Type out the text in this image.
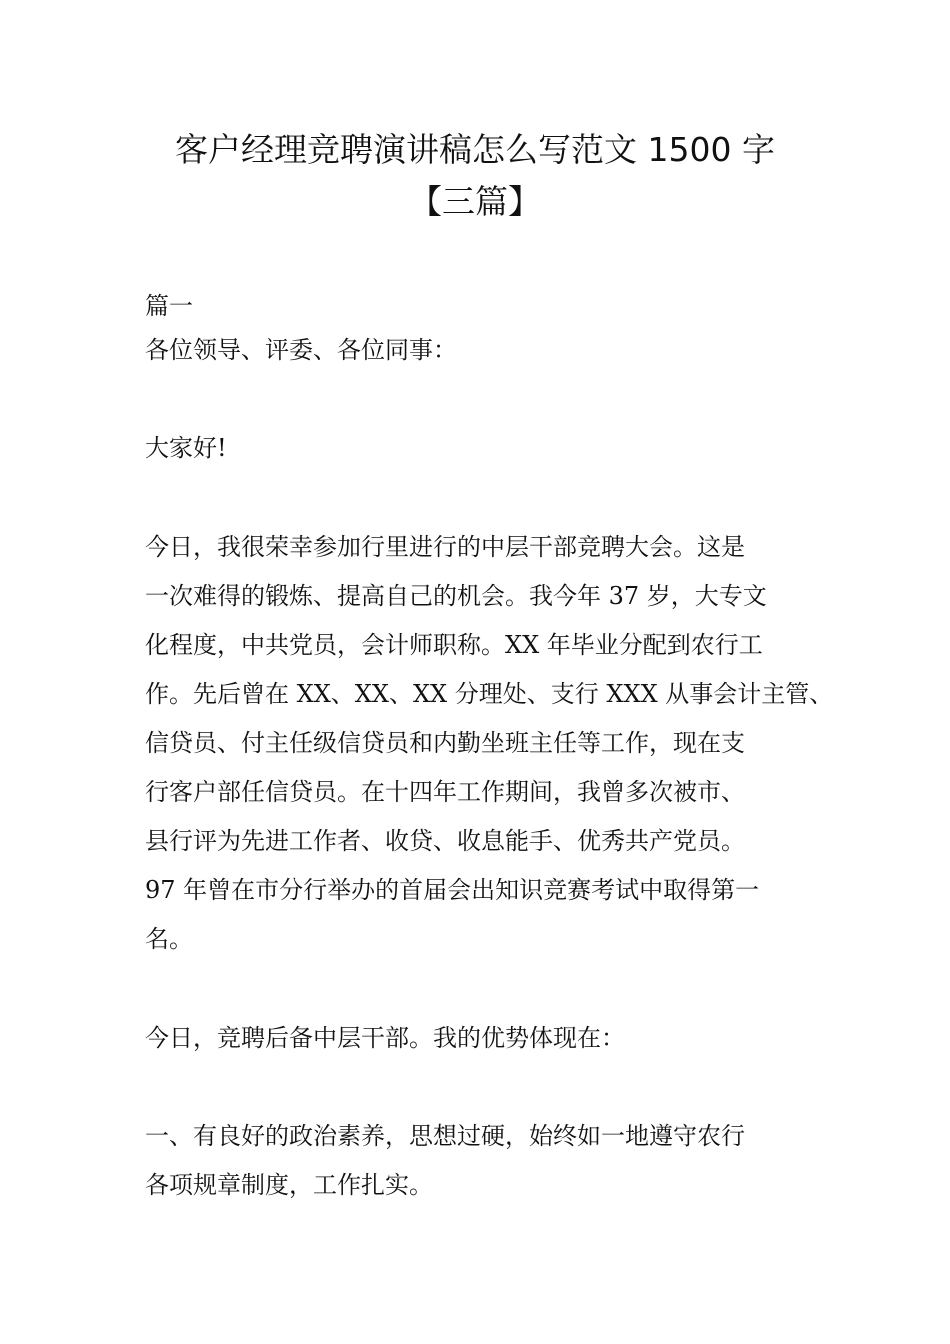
客户经理竞聘演讲稿怎么写范文 1500 字
【三篇】

篇一

各位领导、评委、各位同事：

大家好!

今日，我很荣幸参加行里进行的中层干部竞聘大会。这是
一次难得的锻炼、提高自己的机会。我今年 37 岁，大专文
化程度，中共党员，会计师职称。XX 年毕业分配到农行工
作。先后曾在 XX、XX、XX 分理处、支行 XXX 从事会计主管、
信贷员、付主任级信贷员和内勤坐班主任等工作，现在支
行客户部任信贷员。在十四年工作期间，我曾多次被市、
县行评为先进工作者、收贷、收息能手、优秀共产党员。
97 年曾在市分行举办的首届会出知识竞赛考试中取得第一
名。

今日，竞聘后备中层干部。我的优势体现在：

一、有良好的政治素养，思想过硬，始终如一地遵守农行
各项规章制度，工作扎实。
